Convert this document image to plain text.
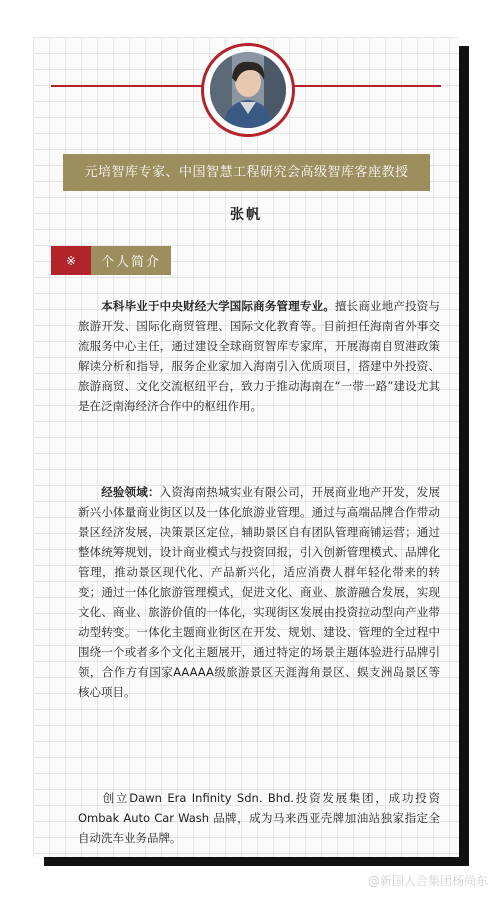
元培智库专家、中国智慧工程研究会高级智库客座教授
张帆
※	个人简介
本科毕业于中央财经大学国际商务管理专业。擅长商业地产投资与旅游开发、国际化商贸管理、国际文化教育等。目前担任海南省外事交流服务中心主任，通过建设全球商贸智库专家库，开展海南自贸港政策解读分析和指导，服务企业家加入海南引入优质项目，搭建中外投资、旅游商贸、文化交流枢纽平台，致力于推动海南在“一带一路”建设尤其是在泛南海经济合作中的枢纽作用。
经验领域：入资海南热城实业有限公司，开展商业地产开发，发展新兴小体量商业街区以及一体化旅游业管理。通过与高端品牌合作带动景区经济发展，决策景区定位，辅助景区自有团队管理商铺运营；通过整体统筹规划，设计商业模式与投资回报，引入创新管理模式、品牌化管理，推动景区现代化、产品新兴化，适应消费人群年轻化带来的转变；通过一体化旅游管理模式，促进文化、商业、旅游融合发展，实现文化、商业、旅游价值的一体化，实现街区发展由投资拉动型向产业带动型转变。一体化主题商业街区在开发、规划、建设、管理的全过程中围绕一个或者多个文化主题展开，通过特定的场景主题体验进行品牌引领，合作方有国家AAAAA级旅游景区天涯海角景区、蜈支洲岛景区等核心项目。
创立Dawn Era Infinity Sdn. Bhd.投资发展集团，成功投资Ombak Auto Car Wash 品牌，成为马来西亚壳牌加油站独家指定全自动洗车业务品牌。
@新国人合集团杨尚东
